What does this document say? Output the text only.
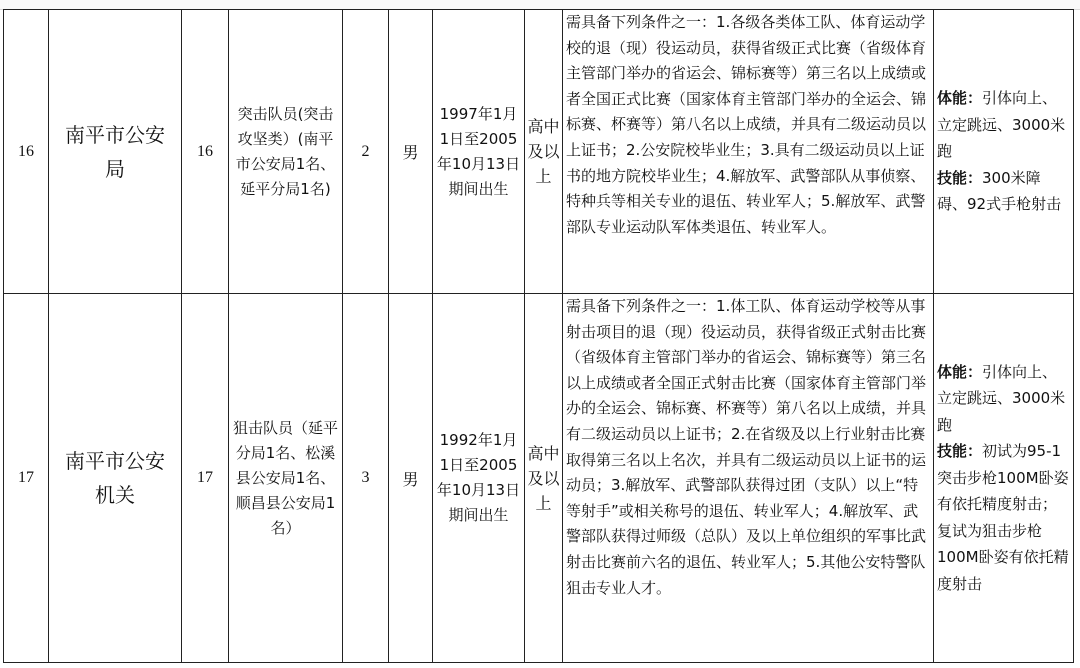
16	南平市公安局	16	突击队员(突击攻坚类）(南平市公安局1名、延平分局1名)	2	男	1997年1月1日至2005年10月13日期间出生	高中及以上	需具备下列条件之一：1.各级各类体工队、体育运动学校的退（现）役运动员，获得省级正式比赛（省级体育主管部门举办的省运会、锦标赛等）第三名以上成绩或者全国正式比赛（国家体育主管部门举办的全运会、锦标赛、杯赛等）第八名以上成绩，并具有二级运动员以上证书；2.公安院校毕业生；3.具有二级运动员以上证书的地方院校毕业生；4.解放军、武警部队从事侦察、特种兵等相关专业的退伍、转业军人；5.解放军、武警部队专业运动队军体类退伍、转业军人。	体能：引体向上、立定跳远、3000米跑
技能：300米障碍、92式手枪射击
17	南平市公安机关	17	狙击队员（延平分局1名、松溪县公安局1名、顺昌县公安局1名）	3	男	1992年1月1日至2005年10月13日期间出生	高中及以上	需具备下列条件之一：1.体工队、体育运动学校等从事射击项目的退（现）役运动员，获得省级正式射击比赛（省级体育主管部门举办的省运会、锦标赛等）第三名以上成绩或者全国正式射击比赛（国家体育主管部门举办的全运会、锦标赛、杯赛等）第八名以上成绩，并具有二级运动员以上证书；2.在省级及以上行业射击比赛取得第三名以上名次，并具有二级运动员以上证书的运动员；3.解放军、武警部队获得过团（支队）以上“特等射手”或相关称号的退伍、转业军人；4.解放军、武警部队获得过师级（总队）及以上单位组织的军事比武射击比赛前六名的退伍、转业军人；5.其他公安特警队狙击专业人才。	体能：引体向上、立定跳远、3000米跑
技能：初试为95-1突击步枪100M卧姿有依托精度射击；复试为狙击步枪100M卧姿有依托精度射击
